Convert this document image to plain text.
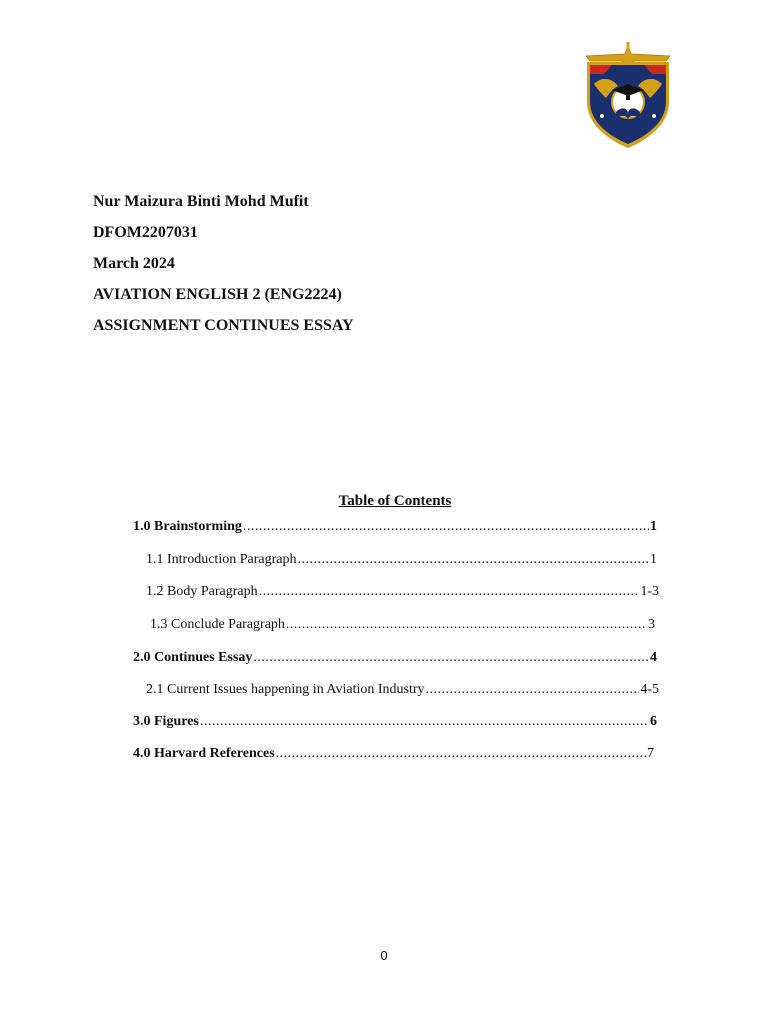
Nur Maizura Binti Mohd Mufit
DFOM2207031
March 2024
AVIATION ENGLISH 2 (ENG2224)
ASSIGNMENT CONTINUES ESSAY
Table of Contents
1.0 Brainstorming .....	1
1.1 Introduction Paragraph .....	1
1.2 Body Paragraph .....	1-3
1.3 Conclude Paragraph .....	3
2.0 Continues Essay .....	4
2.1 Current Issues happening in Aviation Industry .....	4-5
3.0 Figures .....	6
4.0 Harvard References .....	7
0
